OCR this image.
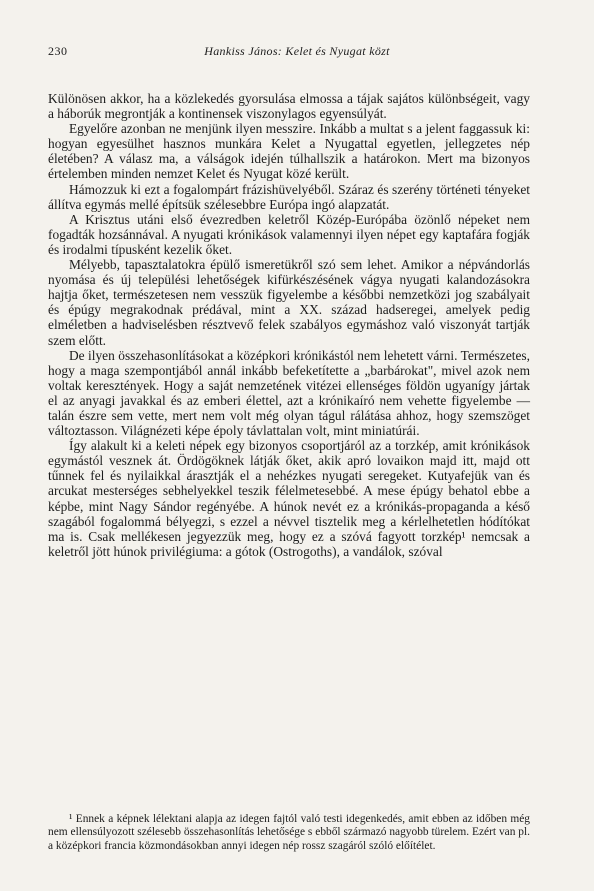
230	Hankiss János: Kelet és Nyugat közt

Különösen akkor, ha a közlekedés gyorsulása elmossa a tájak sajátos különbségeit, vagy a háborúk megrontják a kontinensek viszonylagos egyensúlyát.

Egyelőre azonban ne menjünk ilyen messzire. Inkább a multat s a jelent faggassuk ki: hogyan egyesülhet hasznos munkára Kelet a Nyugattal egyetlen, jellegzetes nép életében? A válasz ma, a válságok idején túlhallszik a határokon. Mert ma bizonyos értelemben minden nemzet Kelet és Nyugat közé került.

Hámozzuk ki ezt a fogalompárt frázishüvelyéből. Száraz és szerény történeti tényeket állítva egymás mellé építsük szélesebbre Európa ingó alapzatát.

A Krisztus utáni első évezredben keletről Közép-Európába özönlő népeket nem fogadták hozsánnával. A nyugati krónikások valamennyi ilyen népet egy kaptafára fogják és irodalmi típusként kezelik őket.

Mélyebb, tapasztalatokra épülő ismeretükről szó sem lehet. Amikor a népvándorlás nyomása és új települési lehetőségek kifürkészésének vágya nyugati kalandozásokra hajtja őket, természetesen nem vesszük figyelembe a későbbi nemzetközi jog szabályait és épúgy megrakodnak prédával, mint a XX. század hadseregei, amelyek pedig elméletben a hadviselésben résztvevő felek szabályos egymáshoz való viszonyát tartják szem előtt.

De ilyen összehasonlításokat a középkori krónikástól nem lehetett várni. Természetes, hogy a maga szempontjából annál inkább befeketítette a „barbárokat", mivel azok nem voltak keresztények. Hogy a saját nemzetének vitézei ellenséges földön ugyanígy jártak el az anyagi javakkal és az emberi élettel, azt a krónikaíró nem vehette figyelembe — talán észre sem vette, mert nem volt még olyan tágul rálátása ahhoz, hogy szemszöget változtasson. Világnézeti képe époly távlattalan volt, mint miniatúrái.

Így alakult ki a keleti népek egy bizonyos csoportjáról az a torzkép, amit krónikások egymástól vesznek át. Ördögöknek látják őket, akik apró lovaikon majd itt, majd ott tűnnek fel és nyilaikkal árasztják el a nehézkes nyugati seregeket. Kutyafejük van és arcukat mesterséges sebhelyekkel teszik félelmetesebbé. A mese épúgy behatol ebbe a képbe, mint Nagy Sándor regényébe. A húnok nevét ez a krónikás-propaganda a késő szagából fogalommá bélyegzi, s ezzel a névvel tisztelik meg a kérlelhetetlen hódítókat ma is. Csak mellékesen jegyezzük meg, hogy ez a szóvá fagyott torzkép¹ nemcsak a keletről jött húnok privilégiuma: a gótok (Ostrogoths), a vandálok, szóval

¹ Ennek a képnek lélektani alapja az idegen fajtól való testi idegenkedés, amit ebben az időben még nem ellensúlyozott szélesebb összehasonlítás lehetősége s ebből származó nagyobb türelem. Ezért van pl. a középkori francia közmondásokban annyi idegen nép rossz szagáról szóló előítélet.
